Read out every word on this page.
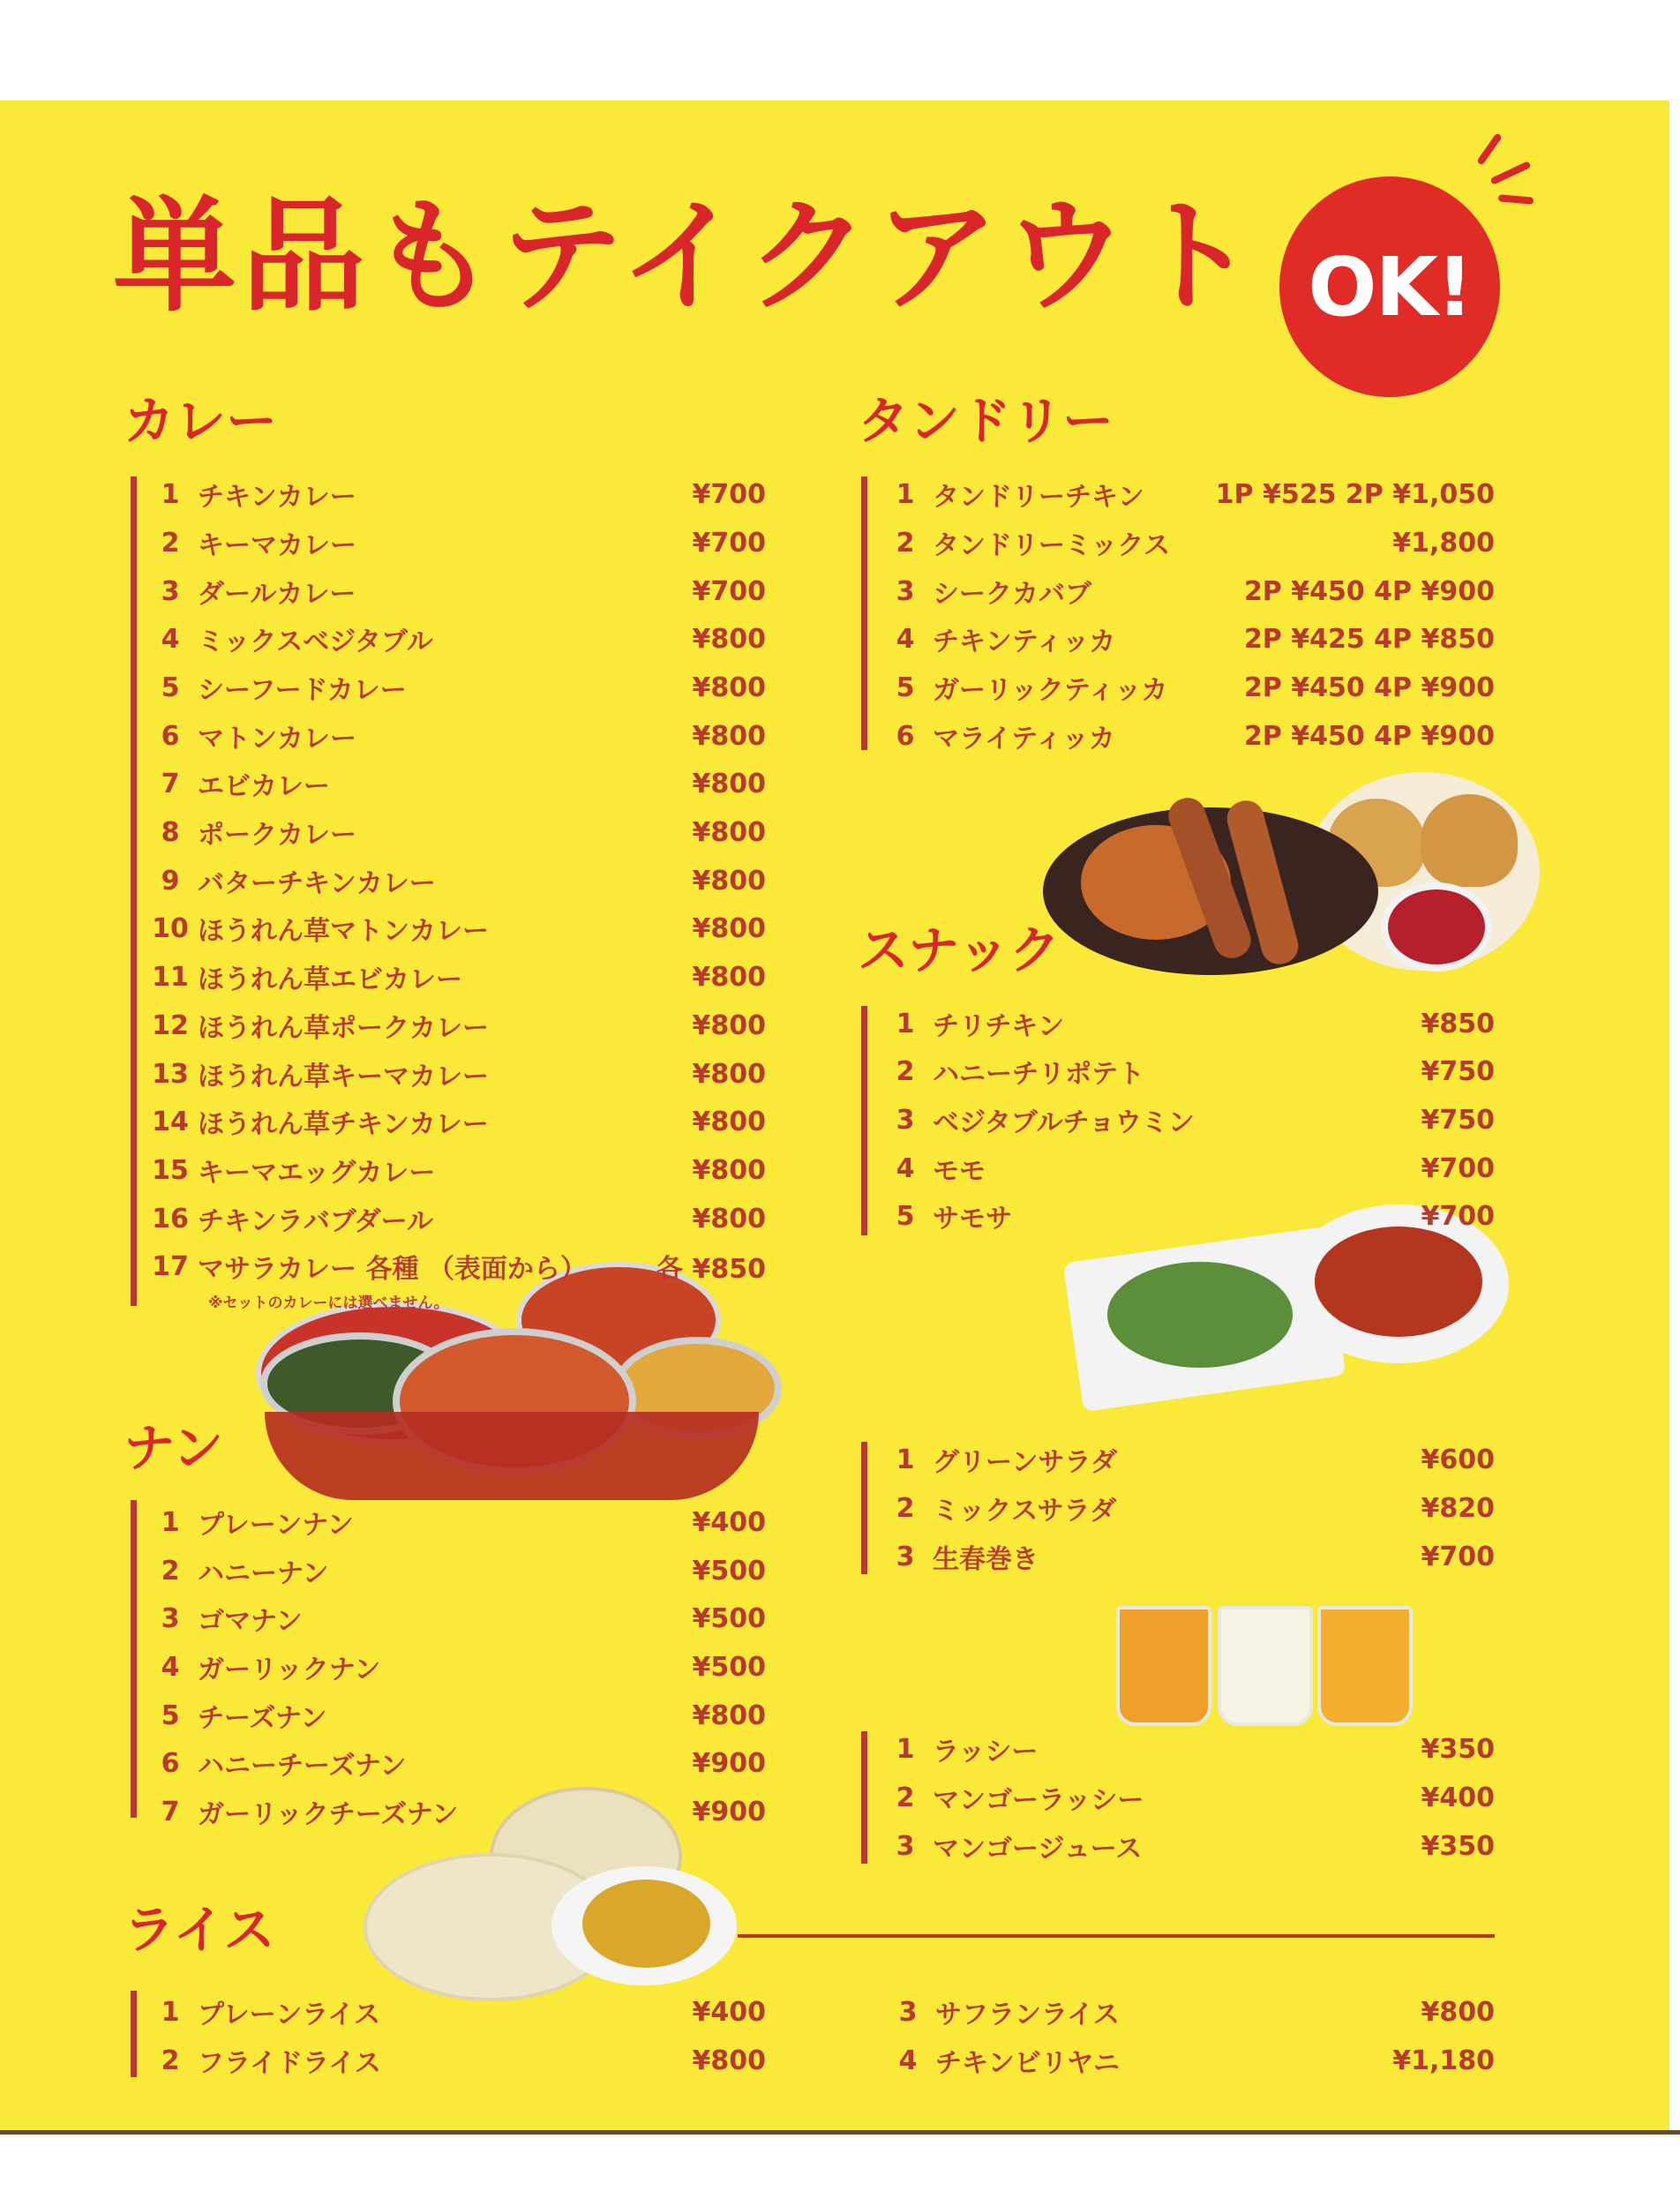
単品もテイクアウト OK!
カレー
ナン
ライス
タンドリー
スナック
1 チキンカレー	¥700
2 キーマカレー	¥700
3 ダールカレー	¥700
4 ミックスベジタブル	¥800
5 シーフードカレー	¥800
6 マトンカレー	¥800
7 エビカレー	¥800
8 ポークカレー	¥800
9 バターチキンカレー	¥800
10 ほうれん草マトンカレー	¥800
11 ほうれん草エビカレー	¥800
12 ほうれん草ポークカレー	¥800
13 ほうれん草キーマカレー	¥800
14 ほうれん草チキンカレー	¥800
15 キーマエッグカレー	¥800
16 チキンラバブダール	¥800
17 マサラカレー 各種 （表面から）	各 ¥850
※セットのカレーには選べません。
1 プレーンナン	¥400
2 ハニーナン	¥500
3 ゴマナン	¥500
4 ガーリックナン	¥500
5 チーズナン	¥800
6 ハニーチーズナン	¥900
7 ガーリックチーズナン	¥900
1 プレーンライス	¥400
2 フライドライス	¥800
3 サフランライス	¥800
4 チキンビリヤニ	¥1,180
1 タンドリーチキン	1P ¥525 2P ¥1,050
2 タンドリーミックス	¥1,800
3 シークカバブ	2P ¥450 4P ¥900
4 チキンティッカ	2P ¥425 4P ¥850
5 ガーリックティッカ	2P ¥450 4P ¥900
6 マライティッカ	2P ¥450 4P ¥900
1 チリチキン	¥850
2 ハニーチリポテト	¥750
3 ベジタブルチョウミン	¥750
4 モモ	¥700
5 サモサ	¥700
1 グリーンサラダ	¥600
2 ミックスサラダ	¥820
3 生春巻き	¥700
1 ラッシー	¥350
2 マンゴーラッシー	¥400
3 マンゴージュース	¥350
